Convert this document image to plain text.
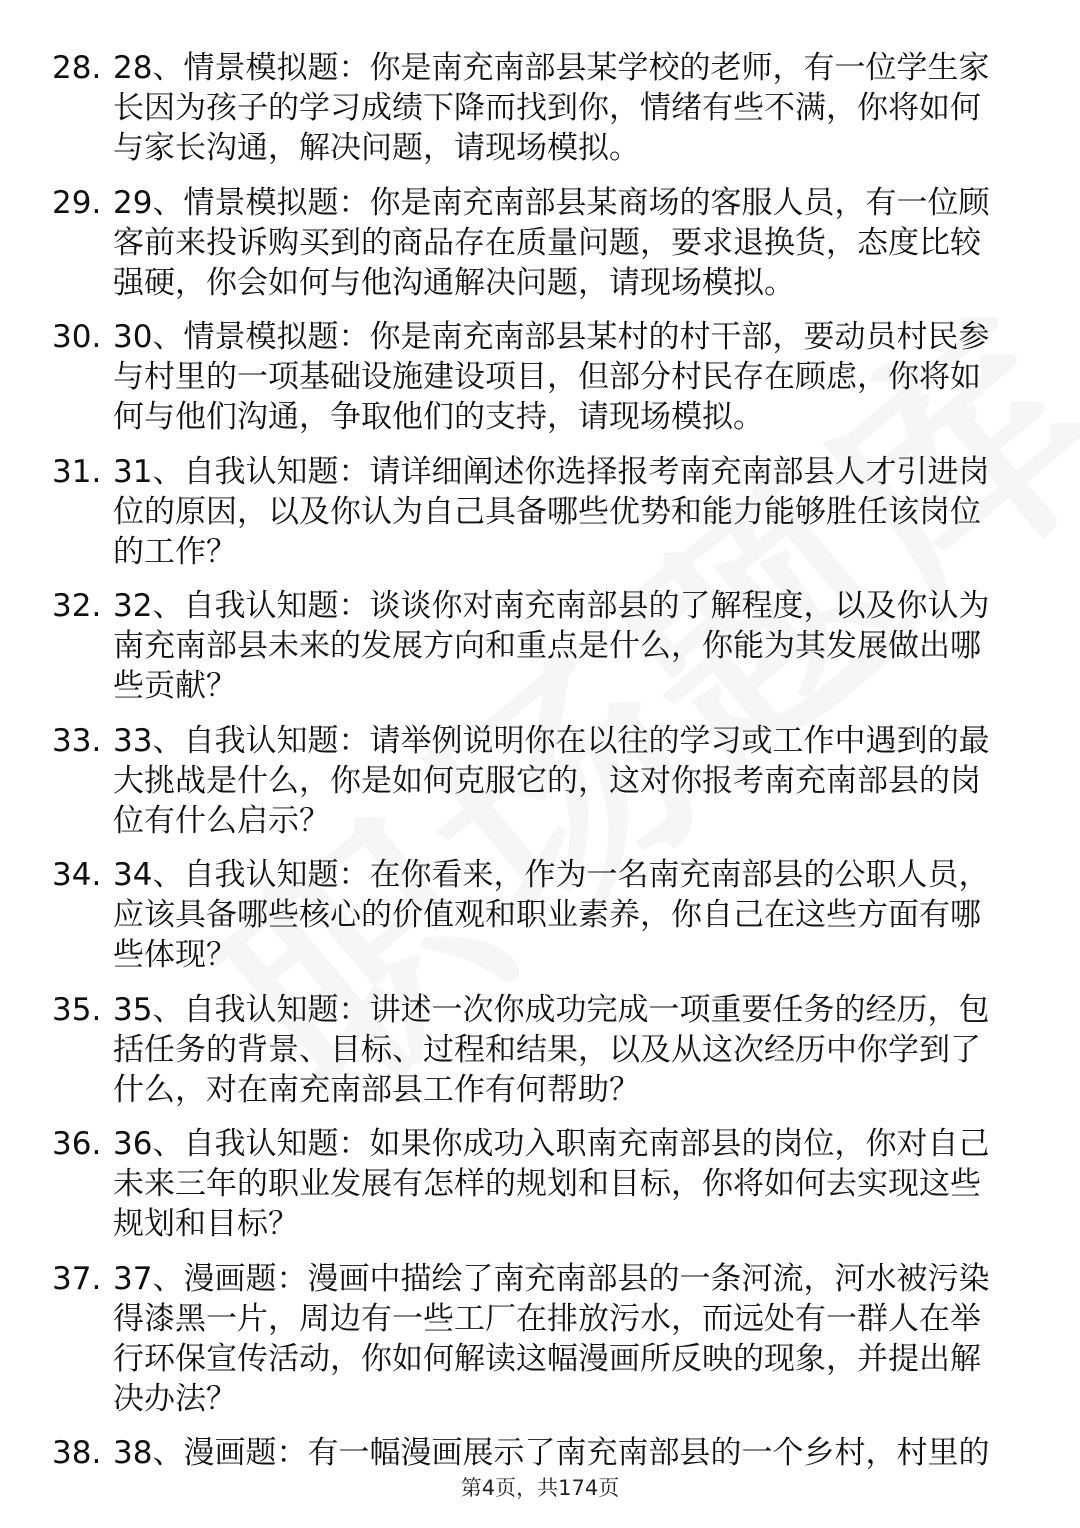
28. 28、情景模拟题：你是南充南部县某学校的老师，有一位学生家长因为孩子的学习成绩下降而找到你，情绪有些不满，你将如何与家长沟通，解决问题，请现场模拟。
29. 29、情景模拟题：你是南充南部县某商场的客服人员，有一位顾客前来投诉购买到的商品存在质量问题，要求退换货，态度比较强硬，你会如何与他沟通解决问题，请现场模拟。
30. 30、情景模拟题：你是南充南部县某村的村干部，要动员村民参与村里的一项基础设施建设项目，但部分村民存在顾虑，你将如何与他们沟通，争取他们的支持，请现场模拟。
31. 31、自我认知题：请详细阐述你选择报考南充南部县人才引进岗位的原因，以及你认为自己具备哪些优势和能力能够胜任该岗位的工作？
32. 32、自我认知题：谈谈你对南充南部县的了解程度，以及你认为南充南部县未来的发展方向和重点是什么，你能为其发展做出哪些贡献？
33. 33、自我认知题：请举例说明你在以往的学习或工作中遇到的最大挑战是什么，你是如何克服它的，这对你报考南充南部县的岗位有什么启示？
34. 34、自我认知题：在你看来，作为一名南充南部县的公职人员，应该具备哪些核心的价值观和职业素养，你自己在这些方面有哪些体现？
35. 35、自我认知题：讲述一次你成功完成一项重要任务的经历，包括任务的背景、目标、过程和结果，以及从这次经历中你学到了什么，对在南充南部县工作有何帮助？
36. 36、自我认知题：如果你成功入职南充南部县的岗位，你对自己未来三年的职业发展有怎样的规划和目标，你将如何去实现这些规划和目标？
37. 37、漫画题：漫画中描绘了南充南部县的一条河流，河水被污染得漆黑一片，周边有一些工厂在排放污水，而远处有一群人在举行环保宣传活动，你如何解读这幅漫画所反映的现象，并提出解决办法？
38. 38、漫画题：有一幅漫画展示了南充南部县的一个乡村，村里的
第4页，共174页
